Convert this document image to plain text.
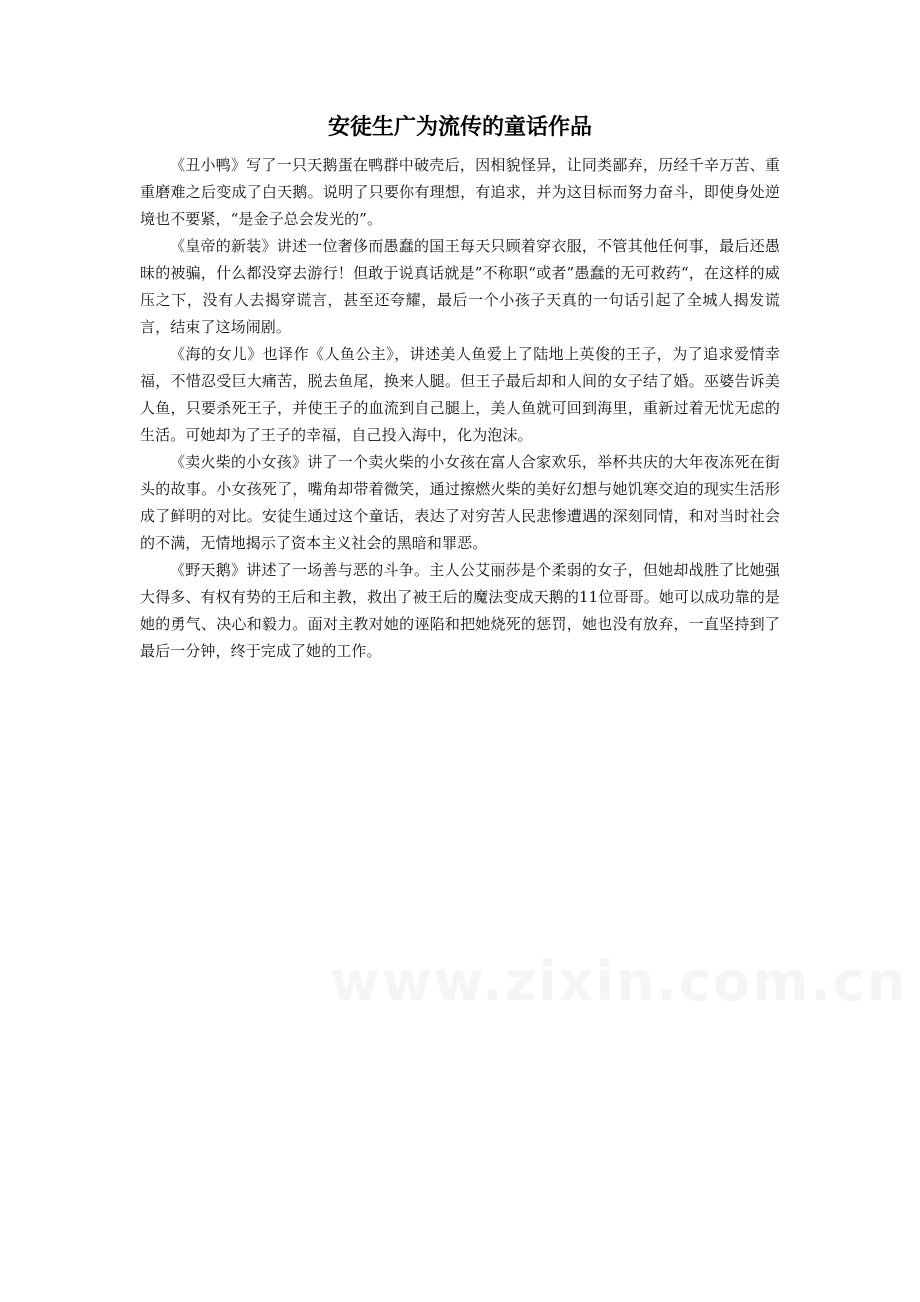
安徒生广为流传的童话作品

《丑小鸭》写了一只天鹅蛋在鸭群中破壳后，因相貌怪异，让同类鄙弃，历经千辛万苦、重重磨难之后变成了白天鹅。说明了只要你有理想，有追求，并为这目标而努力奋斗，即使身处逆境也不要紧，“是金子总会发光的”。

《皇帝的新装》讲述一位奢侈而愚蠢的国王每天只顾着穿衣服，不管其他任何事，最后还愚昧的被骗，什么都没穿去游行！但敢于说真话就是”不称职“或者”愚蠢的无可救药“，在这样的威压之下，没有人去揭穿谎言，甚至还夸耀，最后一个小孩子天真的一句话引起了全城人揭发谎言，结束了这场闹剧。

《海的女儿》也译作《人鱼公主》，讲述美人鱼爱上了陆地上英俊的王子，为了追求爱情幸福，不惜忍受巨大痛苦，脱去鱼尾，换来人腿。但王子最后却和人间的女子结了婚。巫婆告诉美人鱼，只要杀死王子，并使王子的血流到自己腿上，美人鱼就可回到海里，重新过着无忧无虑的生活。可她却为了王子的幸福，自己投入海中，化为泡沫。

《卖火柴的小女孩》讲了一个卖火柴的小女孩在富人合家欢乐，举杯共庆的大年夜冻死在街头的故事。小女孩死了，嘴角却带着微笑，通过擦燃火柴的美好幻想与她饥寒交迫的现实生活形成了鲜明的对比。安徒生通过这个童话，表达了对穷苦人民悲惨遭遇的深刻同情，和对当时社会的不满，无情地揭示了资本主义社会的黑暗和罪恶。

《野天鹅》讲述了一场善与恶的斗争。主人公艾丽莎是个柔弱的女子，但她却战胜了比她强大得多、有权有势的王后和主教，救出了被王后的魔法变成天鹅的11位哥哥。她可以成功靠的是她的勇气、决心和毅力。面对主教对她的诬陷和把她烧死的惩罚，她也没有放弃，一直坚持到了最后一分钟，终于完成了她的工作。

www.zixin.com.cn
